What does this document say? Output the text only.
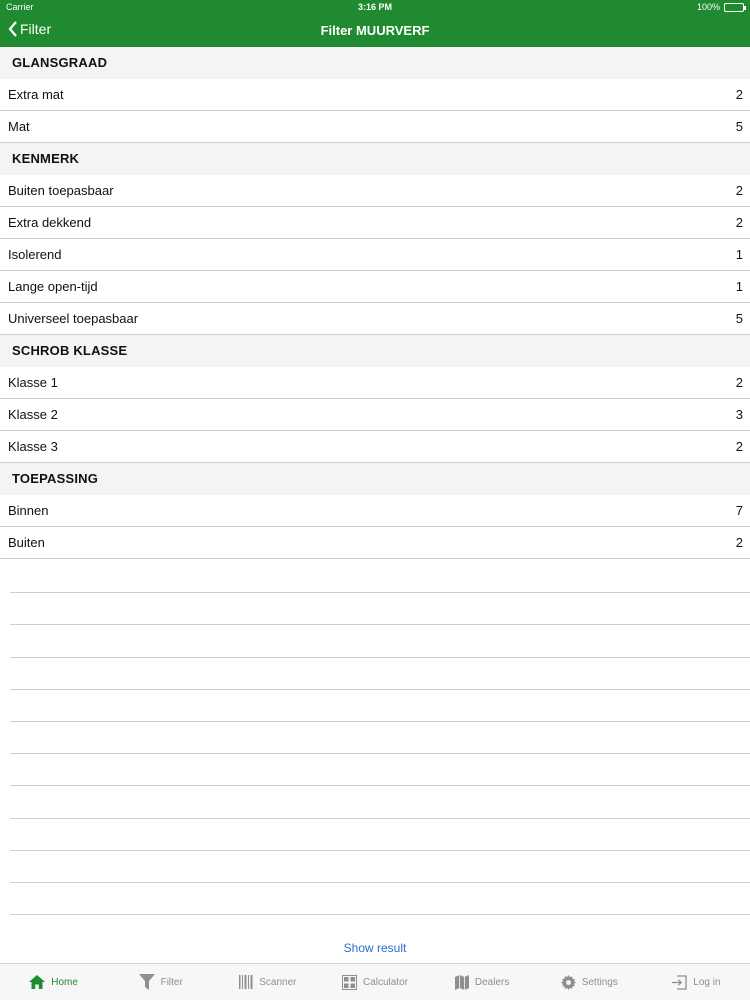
Carrier	3:16 PM	100%
Filter	Filter MUURVERF
GLANSGRAAD
Extra mat	2
Mat	5
KENMERK
Buiten toepasbaar	2
Extra dekkend	2
Isolerend	1
Lange open-tijd	1
Universeel toepasbaar	5
SCHROB KLASSE
Klasse 1	2
Klasse 2	3
Klasse 3	2
TOEPASSING
Binnen	7
Buiten	2
Show result
Home	Filter	Scanner	Calculator	Dealers	Settings	Log in
